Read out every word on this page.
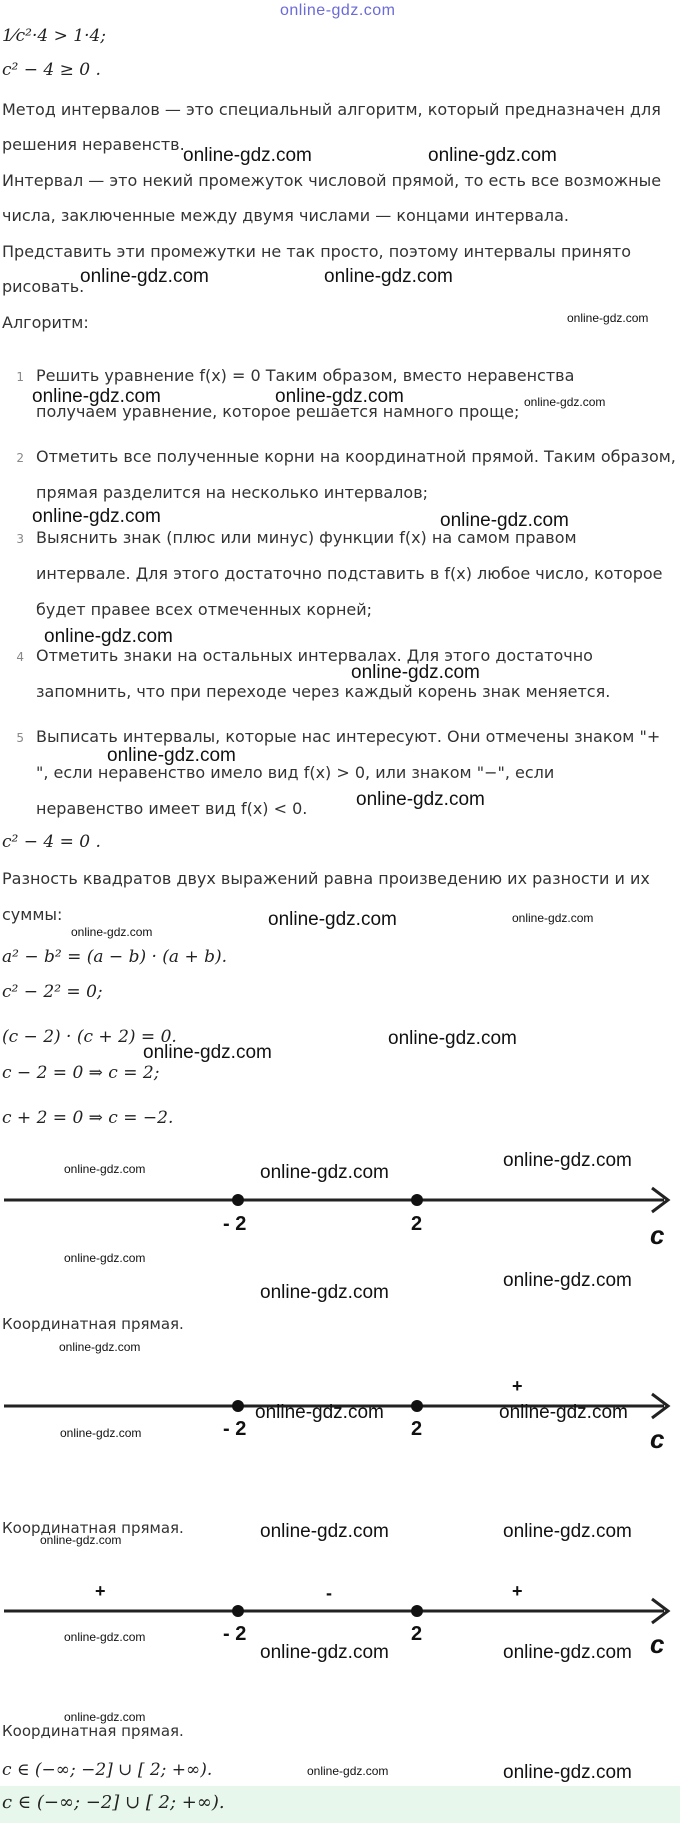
online-gdz.com
1⁄c²·4 > 1·4;
c² − 4 ≥ 0 .
Метод интервалов — это специальный алгоритм, который предназначен для
решения неравенств.
Интервал — это некий промежуток числовой прямой, то есть все возможные
числа, заключенные между двумя числами — концами интервала.
Представить эти промежутки не так просто, поэтому интервалы принято
рисовать.
Алгоритм:
1 Решить уравнение f(x) = 0 Таким образом, вместо неравенства
получаем уравнение, которое решается намного проще;
2 Отметить все полученные корни на координатной прямой. Таким образом,
прямая разделится на несколько интервалов;
3 Выяснить знак (плюс или минус) функции f(x) на самом правом
интервале. Для этого достаточно подставить в f(x) любое число, которое
будет правее всех отмеченных корней;
4 Отметить знаки на остальных интервалах. Для этого достаточно
запомнить, что при переходе через каждый корень знак меняется.
5 Выписать интервалы, которые нас интересуют. Они отмечены знаком "+
", если неравенство имело вид f(x) > 0, или знаком "−", если
неравенство имеет вид f(x) < 0.
c² − 4 = 0 .
Разность квадратов двух выражений равна произведению их разности и их
суммы:
a² − b² = (a − b) · (a + b).
c² − 2² = 0;
(c − 2) · (c + 2) = 0.
c − 2 = 0 ⇒ c = 2;
c + 2 = 0 ⇒ c = −2.
- 2	2	c
Координатная прямая.
- 2	2	c
+
Координатная прямая.
- 2	2	c
+	-	+
Координатная прямая.
c ∈ (−∞; −2] ∪ [ 2; +∞).
c ∈ (−∞; −2] ∪ [ 2; +∞).
online-gdz.com	online-gdz.com
online-gdz.com	online-gdz.com
online-gdz.com
online-gdz.com	online-gdz.com	online-gdz.com
online-gdz.com	online-gdz.com
online-gdz.com
online-gdz.com
online-gdz.com
online-gdz.com
online-gdz.com
online-gdz.com	online-gdz.com
online-gdz.com
online-gdz.com
online-gdz.com	online-gdz.com
online-gdz.com
online-gdz.com
online-gdz.com
online-gdz.com
online-gdz.com
online-gdz.com
online-gdz.com	online-gdz.com
online-gdz.com	online-gdz.com	online-gdz.com
online-gdz.com
online-gdz.com	online-gdz.com
online-gdz.com
online-gdz.com	online-gdz.com
